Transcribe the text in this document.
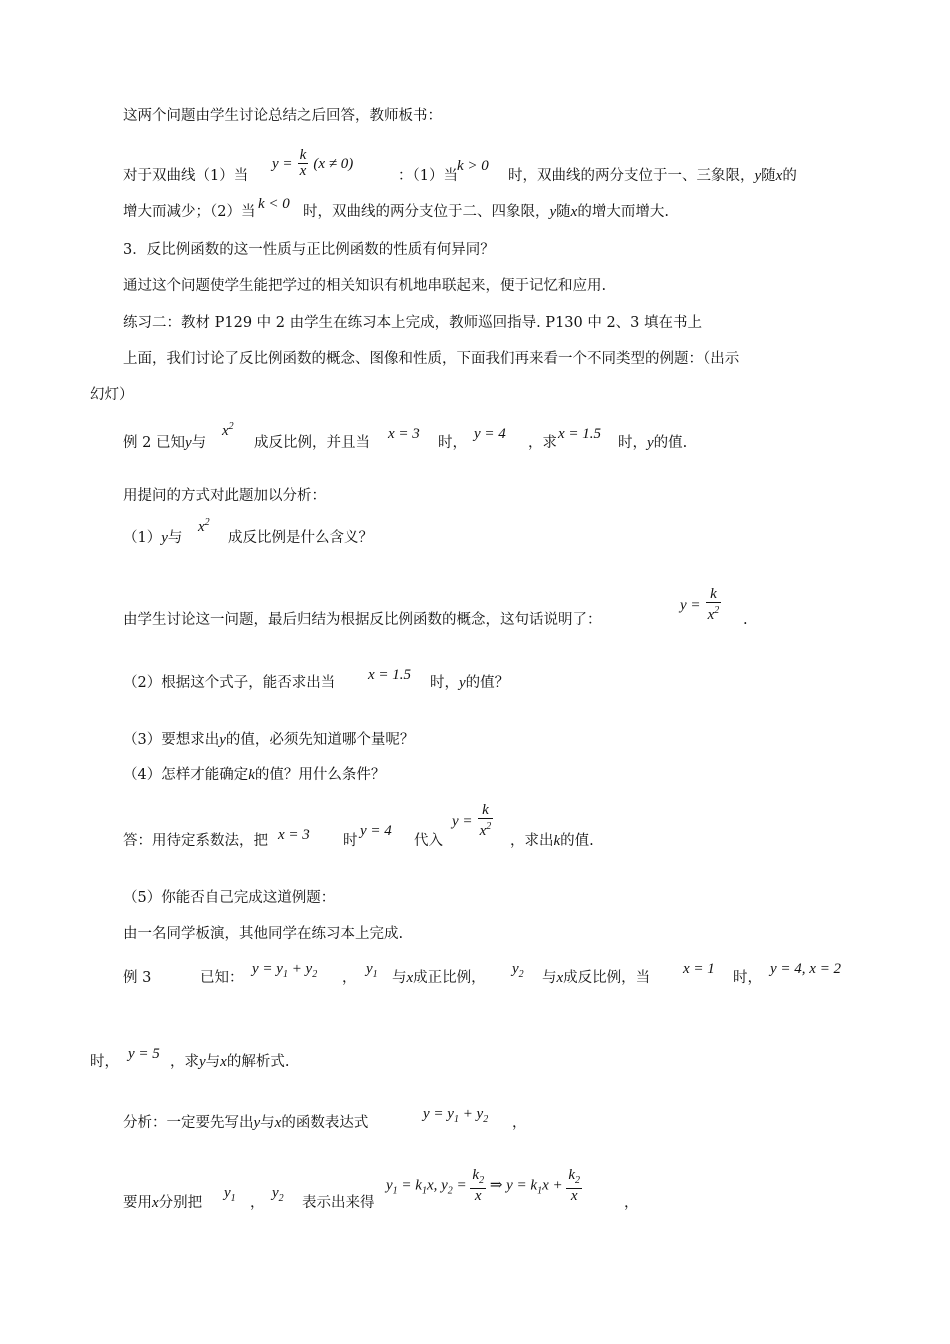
这两个问题由学生讨论总结之后回答，教师板书：
$y = \frac{k}{x} (x \ne 0)$
对于双曲线（1）当	：（1）当
k > 0
时，双曲线的两分支位于一、三象限，y随x的
增大而减少；（2）当 k < 0 时，双曲线的两分支位于二、四象限，y随x的增大而增大.
3．反比例函数的这一性质与正比例函数的性质有何异同？
通过这个问题使学生能把学过的相关知识有机地串联起来，便于记忆和应用.
练习二：教材 P129 中 2 由学生在练习本上完成，教师巡回指导. P130 中 2、3 填在书上
上面，我们讨论了反比例函数的概念、图像和性质，下面我们再来看一个不同类型的例题：（出示
幻灯）
例 2 已知y与
$x^2$
成反比例，并且当
x = 3
时，
y = 4
，求
x = 1.5
时，y的值.
用提问的方式对此题加以分析：
（1）y与
$x^2$
成反比例是什么含义？
由学生讨论这一问题，最后归结为根据反比例函数的概念，这句话说明了：
$y = \frac{k}{x^2}$ .
（2）根据这个式子，能否求出当 x = 1.5 时，y的值？
（3）要想求出y的值，必须先知道哪个量呢？
（4）怎样才能确定k的值？用什么条件？
答：用待定系数法，把 x = 3 时
y = 4
代入
$y = \frac{k}{x^2}$
，求出k的值.
（5）你能否自己完成这道例题：
由一名同学板演，其他同学在练习本上完成.
例 3	已知：
$y = y_1 + y_2$ ，
$y_1$ 与x成正比例，
$y_2$ 与x成反比例，当
x = 1
时，
y = 4, x = 2
时， y = 5 ，求y与x的解析式.
分析：一定要先写出y与x的函数表达式
$y = y_1 + y_2$ ，
要用x分别把
$y_1$ ，
$y_2$ 表示出来得
$y_1 = k_1x$, $y_2 = \frac{k_2}{x}$ ⇒ $y = k_1x + \frac{k_2}{x}$	，
